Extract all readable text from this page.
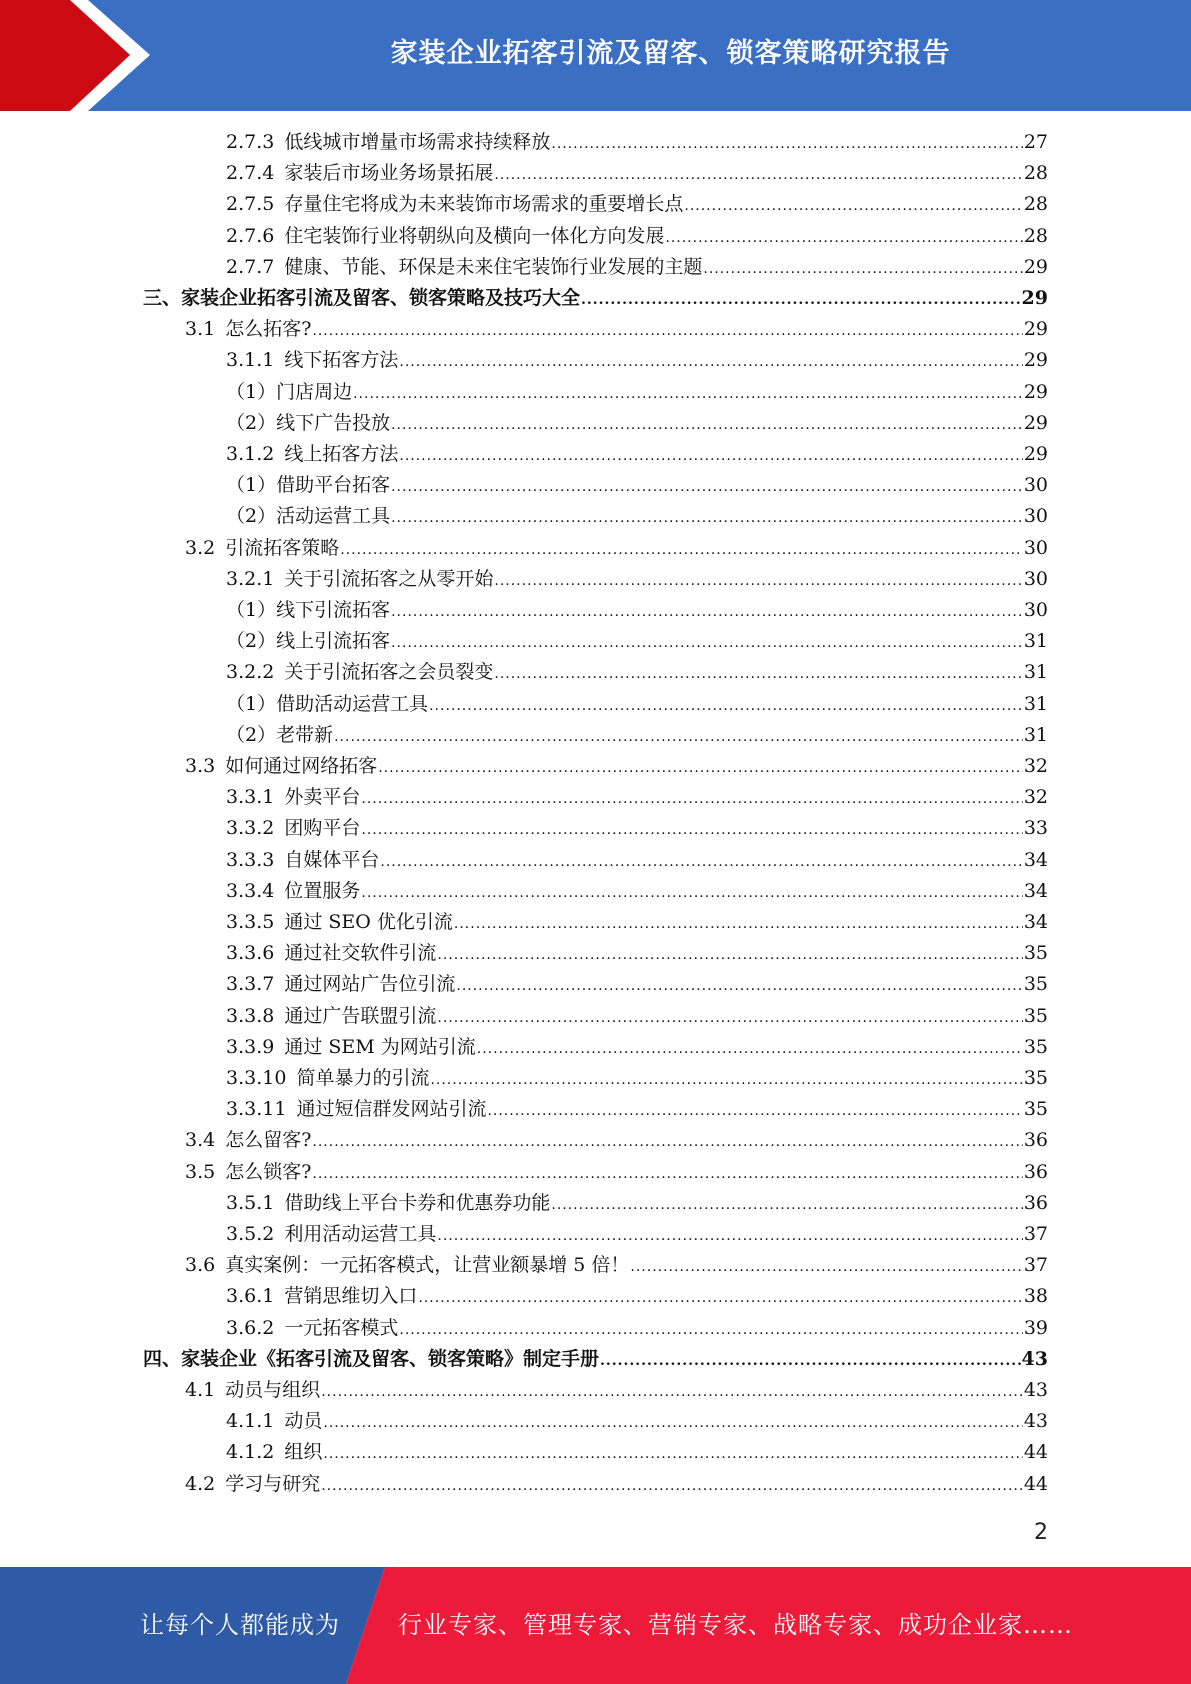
家装企业拓客引流及留客、锁客策略研究报告
2.7.3 低线城市增量市场需求持续释放 .....	27
2.7.4 家装后市场业务场景拓展 .....	28
2.7.5 存量住宅将成为未来装饰市场需求的重要增长点 .....	28
2.7.6 住宅装饰行业将朝纵向及横向一体化方向发展 .....	28
2.7.7 健康、节能、环保是未来住宅装饰行业发展的主题 .....	29
三、家装企业拓客引流及留客、锁客策略及技巧大全 .....	29
3.1 怎么拓客? .....	29
3.1.1 线下拓客方法 .....	29
（1）门店周边 .....	29
（2）线下广告投放 .....	29
3.1.2 线上拓客方法 .....	29
（1）借助平台拓客 .....	30
（2）活动运营工具 .....	30
3.2 引流拓客策略 .....	30
3.2.1 关于引流拓客之从零开始 .....	30
（1）线下引流拓客 .....	30
（2）线上引流拓客 .....	31
3.2.2 关于引流拓客之会员裂变 .....	31
（1）借助活动运营工具 .....	31
（2）老带新 .....	31
3.3 如何通过网络拓客 .....	32
3.3.1 外卖平台 .....	32
3.3.2 团购平台 .....	33
3.3.3 自媒体平台 .....	34
3.3.4 位置服务 .....	34
3.3.5 通过 SEO 优化引流 .....	34
3.3.6 通过社交软件引流 .....	35
3.3.7 通过网站广告位引流 .....	35
3.3.8 通过广告联盟引流 .....	35
3.3.9 通过 SEM 为网站引流 .....	35
3.3.10 简单暴力的引流 .....	35
3.3.11 通过短信群发网站引流 .....	35
3.4 怎么留客? .....	36
3.5 怎么锁客? .....	36
3.5.1 借助线上平台卡券和优惠券功能 .....	36
3.5.2 利用活动运营工具 .....	37
3.6 真实案例：一元拓客模式，让营业额暴增 5 倍！ .....	37
3.6.1 营销思维切入口 .....	38
3.6.2 一元拓客模式 .....	39
四、家装企业《拓客引流及留客、锁客策略》制定手册 .....	43
4.1 动员与组织 .....	43
4.1.1 动员 .....	43
4.1.2 组织 .....	44
4.2 学习与研究 .....	44
2
让每个人都能成为 行业专家、管理专家、营销专家、战略专家、成功企业家……
